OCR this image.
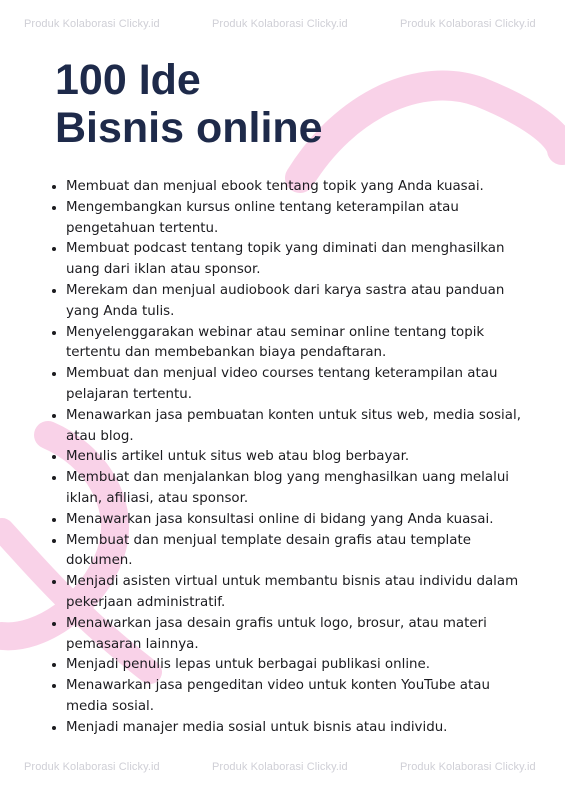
Produk Kolaborasi Clicky.id	Produk Kolaborasi Clicky.id	Produk Kolaborasi Clicky.id
100 Ide
Bisnis online
• Membuat dan menjual ebook tentang topik yang Anda kuasai.
• Mengembangkan kursus online tentang keterampilan atau pengetahuan tertentu.
• Membuat podcast tentang topik yang diminati dan menghasilkan uang dari iklan atau sponsor.
• Merekam dan menjual audiobook dari karya sastra atau panduan yang Anda tulis.
• Menyelenggarakan webinar atau seminar online tentang topik tertentu dan membebankan biaya pendaftaran.
• Membuat dan menjual video courses tentang keterampilan atau pelajaran tertentu.
• Menawarkan jasa pembuatan konten untuk situs web, media sosial, atau blog.
• Menulis artikel untuk situs web atau blog berbayar.
• Membuat dan menjalankan blog yang menghasilkan uang melalui iklan, afiliasi, atau sponsor.
• Menawarkan jasa konsultasi online di bidang yang Anda kuasai.
• Membuat dan menjual template desain grafis atau template dokumen.
• Menjadi asisten virtual untuk membantu bisnis atau individu dalam pekerjaan administratif.
• Menawarkan jasa desain grafis untuk logo, brosur, atau materi pemasaran lainnya.
• Menjadi penulis lepas untuk berbagai publikasi online.
• Menawarkan jasa pengeditan video untuk konten YouTube atau media sosial.
• Menjadi manajer media sosial untuk bisnis atau individu.
Produk Kolaborasi Clicky.id	Produk Kolaborasi Clicky.id	Produk Kolaborasi Clicky.id
